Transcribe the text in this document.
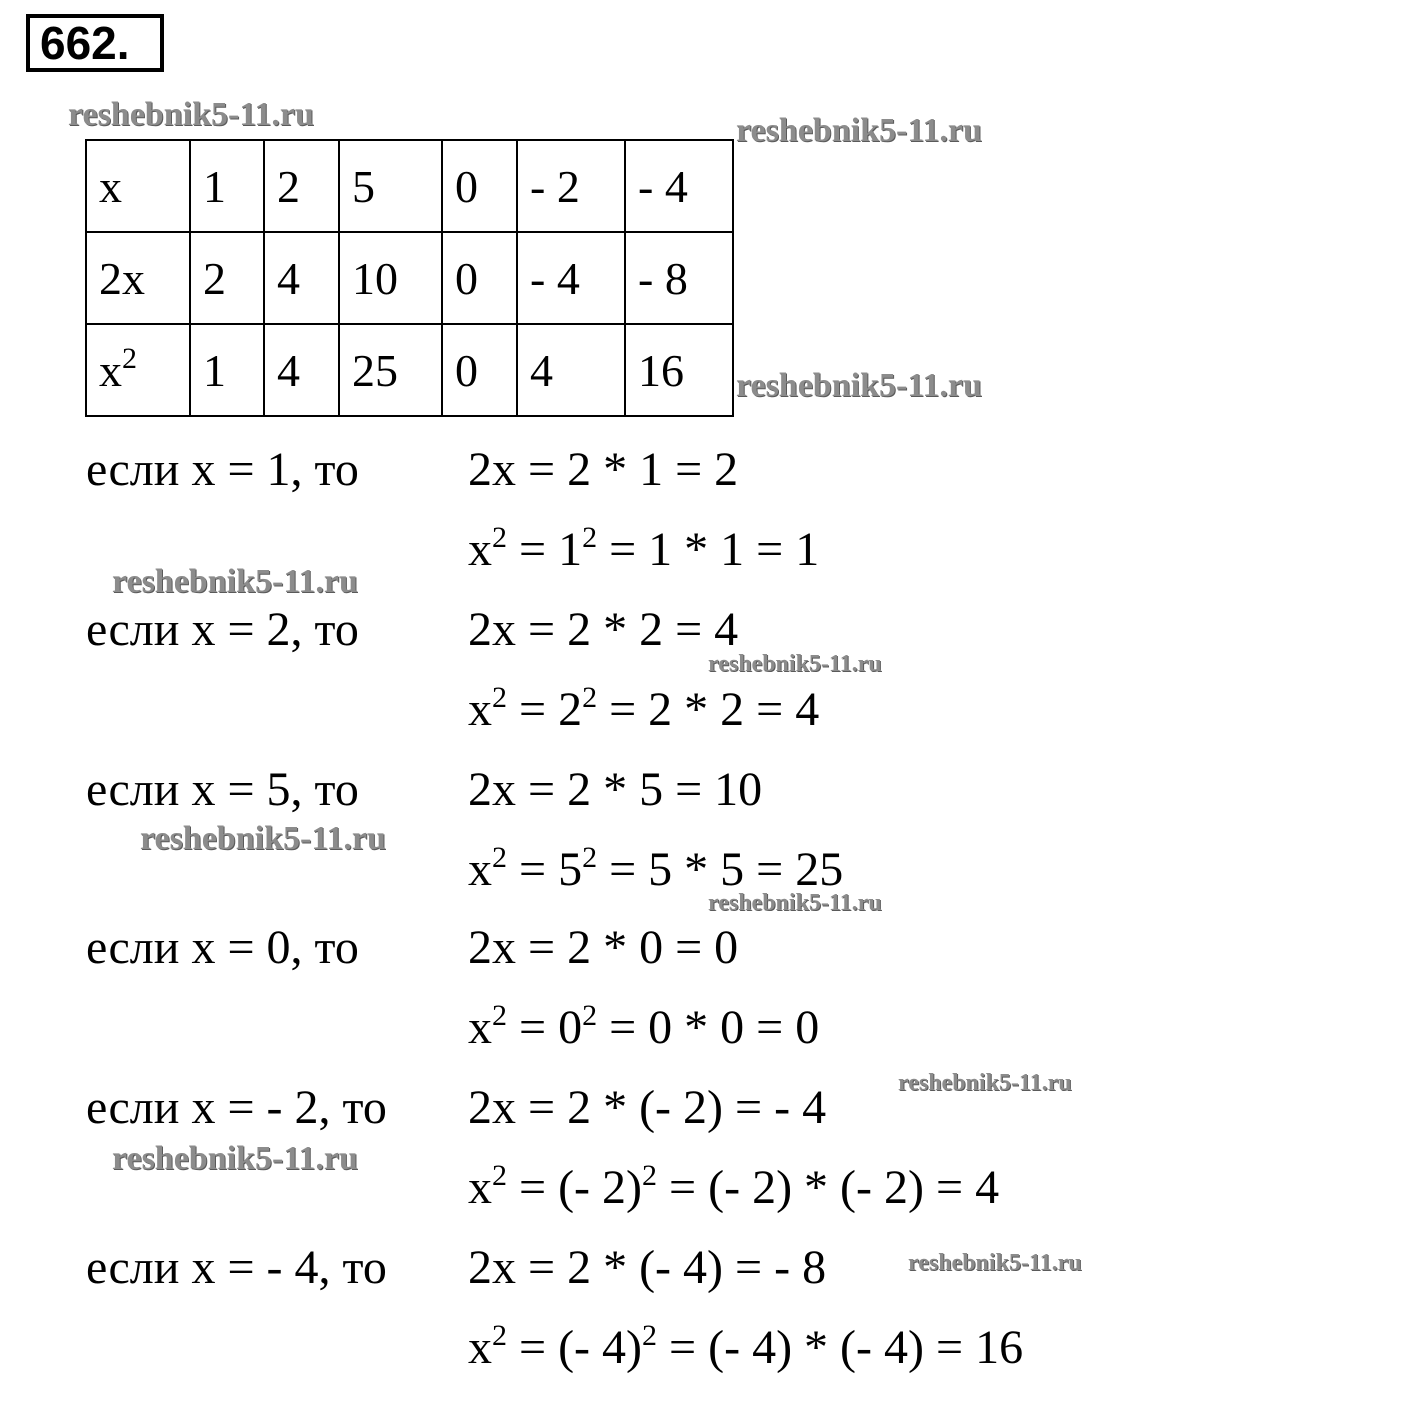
662.
reshebnik5-11.ru	reshebnik5-11.ru
reshebnik5-11.ru
reshebnik5-11.ru
reshebnik5-11.ru
reshebnik5-11.ru
reshebnik5-11.ru
reshebnik5-11.ru
reshebnik5-11.ru
reshebnik5-11.ru
x	1	2	5	0	- 2	- 4
2x	2	4	10	0	- 4	- 8
$x^2$	1	4	25	0	4	16
если x = 1, то 2x = 2 * 1 = 2
$x^2 = 1^2 = 1 * 1 = 1$
если x = 2, то 2x = 2 * 2 = 4
$x^2 = 2^2 = 2 * 2 = 4$
если x = 5, то 2x = 2 * 5 = 10
$x^2 = 5^2 = 5 * 5 = 25$
если x = 0, то 2x = 2 * 0 = 0
$x^2 = 0^2 = 0 * 0 = 0$
если x = - 2, то 2x = 2 * (- 2) = - 4
$x^2$ = (- 2)$^2$ = (- 2) * (- 2) = 4
если x = - 4, то 2x = 2 * (- 4) = - 8
$x^2$ = (- 4)$^2$ = (- 4) * (- 4) = 16
